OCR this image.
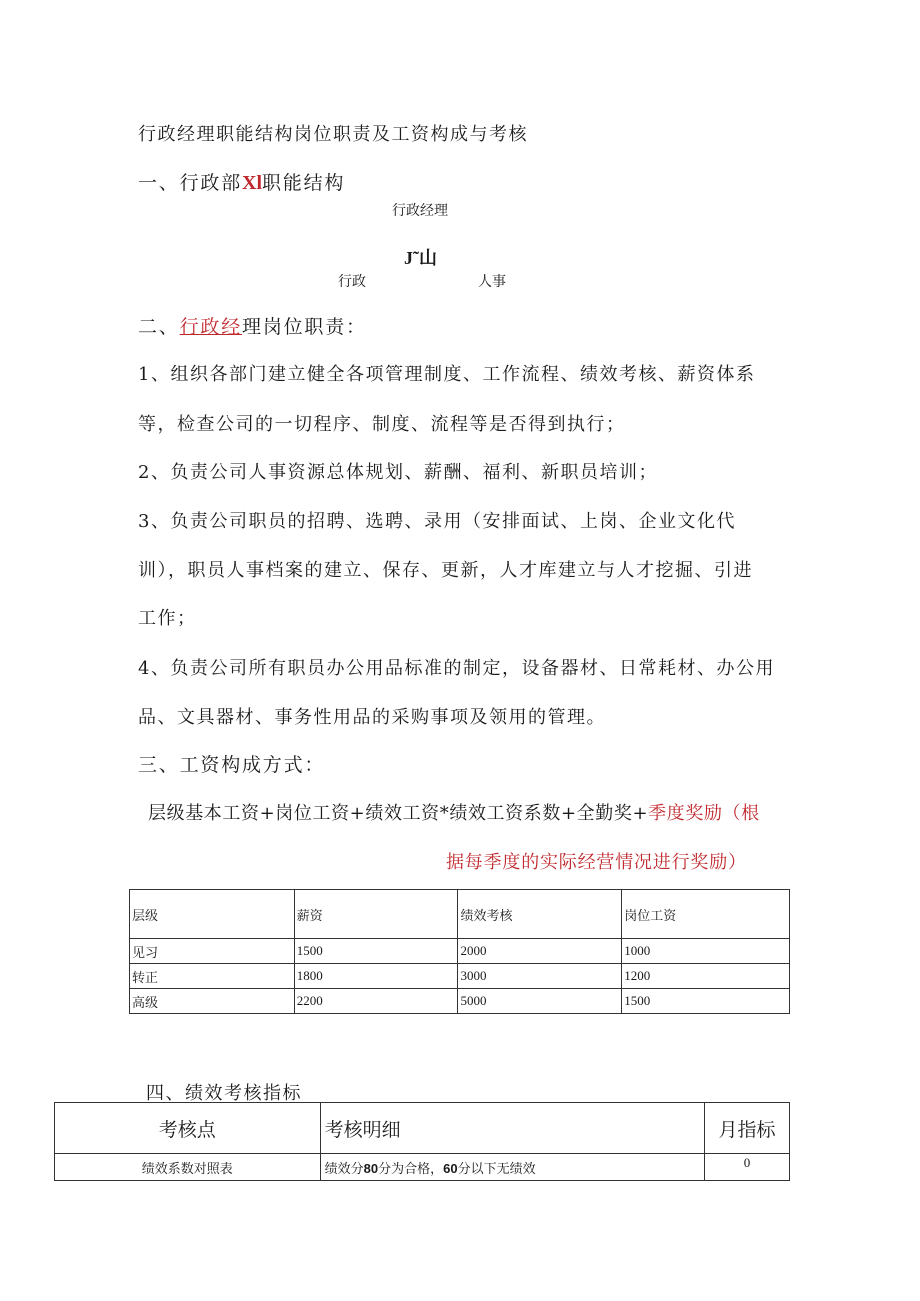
行政经理职能结构岗位职责及工资构成与考核
一、行政部Xl职能结构
行政经理
J˜山
行政	人事
二、行政经理岗位职责：
1、组织各部门建立健全各项管理制度、工作流程、绩效考核、薪资体系
等，检查公司的一切程序、制度、流程等是否得到执行；
2、负责公司人事资源总体规划、薪酬、福利、新职员培训；
3、负责公司职员的招聘、选聘、录用（安排面试、上岗、企业文化代
训），职员人事档案的建立、保存、更新，人才库建立与人才挖掘、引进
工作；
4、负责公司所有职员办公用品标准的制定，设备器材、日常耗材、办公用
品、文具器材、事务性用品的采购事项及领用的管理。
三、工资构成方式：
层级基本工资+岗位工资+绩效工资*绩效工资系数+全勤奖+季度奖励（根
据每季度的实际经营情况进行奖励）
层级	薪资	绩效考核	岗位工资
见习	1500	2000	1000
转正	1800	3000	1200
高级	2200	5000	1500
四、绩效考核指标
考核点	考核明细	月指标
绩效系数对照表	绩效分80分为合格，60分以下无绩效	0
